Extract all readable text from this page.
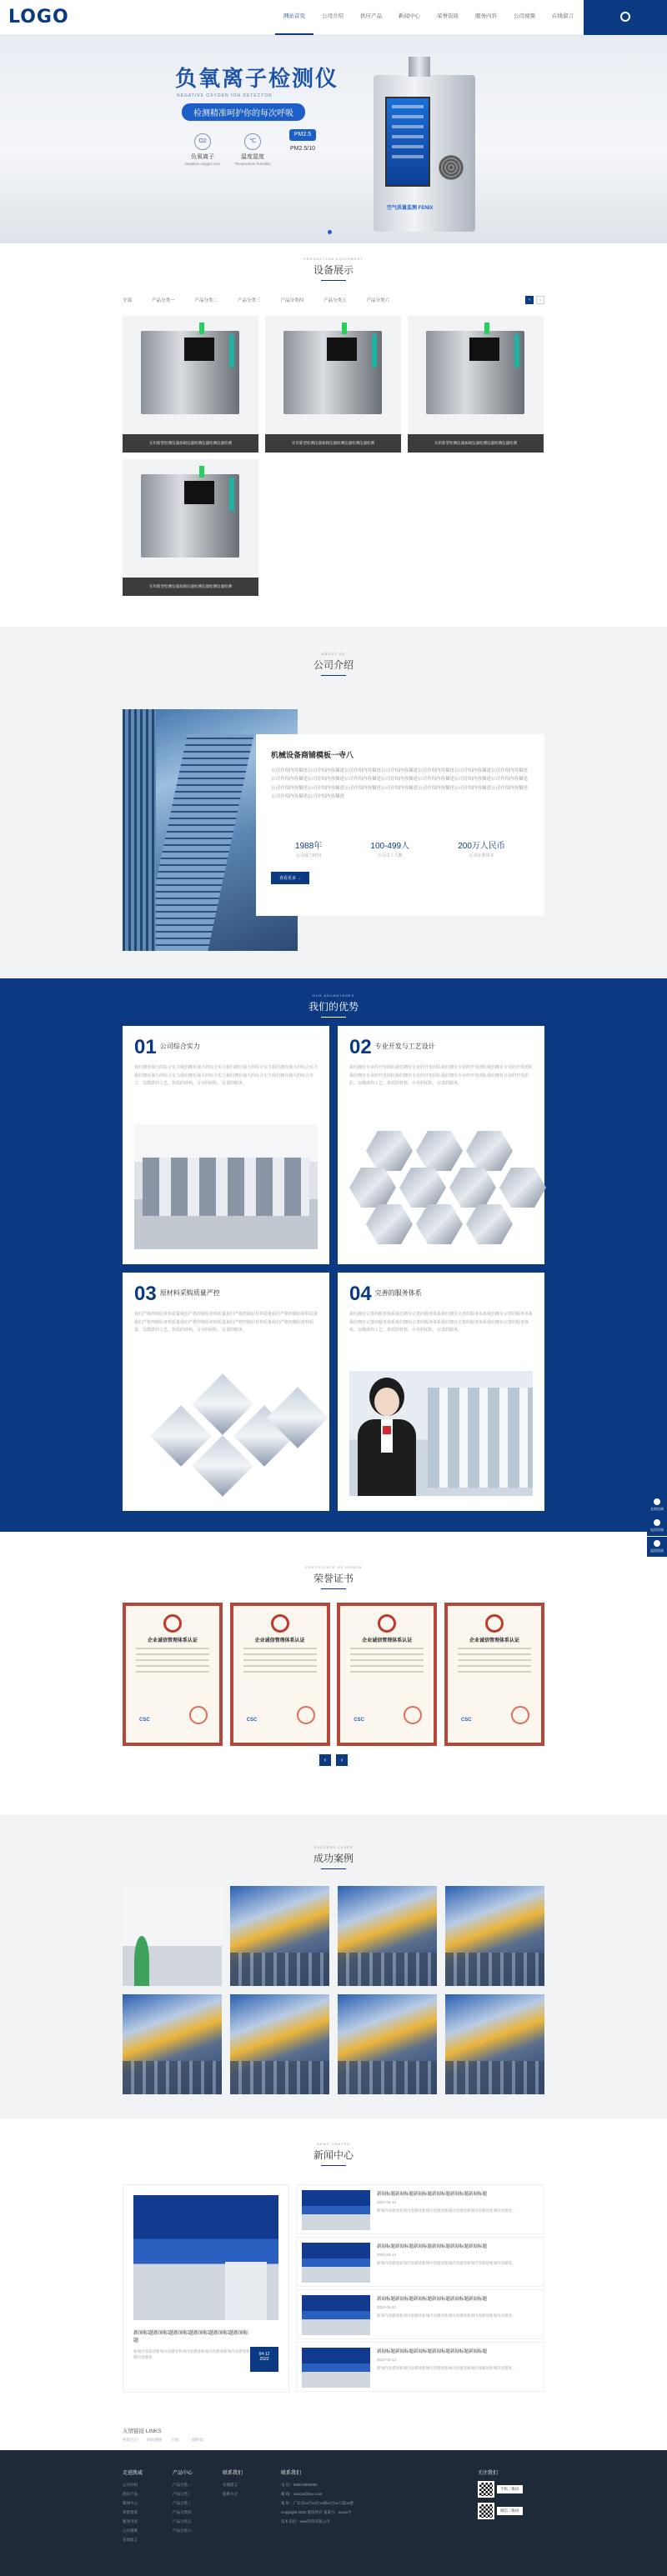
LOGO	网站首页	公司介绍	供应产品	新闻中心	荣誉资质	服务内容	公司视频	在线留言
负氧离子检测仪
NEGATIVE OXYGEN ION DETECTOR
检测精准呵护你的每次呼吸
O2
负氧离子
Negative oxygen ions
℃
温度湿度
Temperature humidity
PM2.5
PM2.5/10
空气质量监测 FENIX
PRODUCTION EQUIPMENT
设备展示
全部	产品分类一	产品分类二	产品分类三	产品分类四	产品分类五	产品分类六	‹	›
实用新型检测仪器加载仪器检测仪器检测仪器检测	实用新型检测仪器加载仪器检测仪器检测仪器检测	实用新型检测仪器加载仪器检测仪器检测仪器检测
实用新型检测仪器加载仪器检测仪器检测仪器检测
ABOUT US
公司介绍
机械设备商铺模板一寺八

公司介绍内容描述公司介绍内容描述公司介绍内容描述公司介绍内容描述公司介绍内容描述公司介绍内容描述公司介绍内容描述公司介绍内容描述公司介绍内容描述公司介绍内容描述公司介绍内容描述公司介绍内容描述公司介绍内容描述公司介绍内容描述公司介绍内容描述公司介绍内容描述公司介绍内容描述公司介绍内容描述公司介绍内容描述公司介绍内容描述公司介绍内容描述公司介绍内容描述公司介绍内容描述

1988年
公司成立时间
100-499人
公司员工人数
200万人民币
公司注册资本
查看更多 →
OUR ADVANTAGES
我们的优势
01 公司综合实力
我们拥有强大的综合实力我们拥有强大的综合实力我们拥有强大的综合实力我们拥有强大的综合实力我们拥有强大的综合实力我们拥有强大的综合实力我们拥有强大的综合实力我们拥有强大的综合实力，以精湛的工艺，优质的材料，专业的团队，完善的服务。
02 专业开发与工艺设计
我们拥有专业的开发团队我们拥有专业的开发团队我们拥有专业的开发团队我们拥有专业的开发团队我们拥有专业的开发团队我们拥有专业的开发团队我们拥有专业的开发团队我们拥有专业的开发团队，以精湛的工艺，优质的材料，专业的团队，完善的服务。
03 原材料采购质量严控
我们严格控制原材料质量我们严格控制原材料质量我们严格控制原材料质量我们严格控制原材料质量我们严格控制原材料质量我们严格控制原材料质量我们严格控制原材料质量我们严格控制原材料质量，以精湛的工艺，优质的材料，专业的团队，完善的服务。
04 完善的服务体系
我们拥有完善的服务体系我们拥有完善的服务体系我们拥有完善的服务体系我们拥有完善的服务体系我们拥有完善的服务体系我们拥有完善的服务体系我们拥有完善的服务体系我们拥有完善的服务体系，以精湛的工艺，优质的材料，专业的团队，完善的服务。
CERTIFICATE OF HONOR
荣誉证书
企业诚信管理体系认证
CSC
企业诚信管理体系认证
CSC
企业诚信管理体系认证
CSC
企业诚信管理体系认证
CSC
‹ ›
SUCCESS CASES
成功案例
NEWS CENTER
新闻中心
新闻标题新闻标题新闻标题新闻标题新闻标题新闻标题
新闻内容描述新闻内容描述新闻内容描述新闻内容描述新闻内容描述新闻内容描述
04-12
2022
新闻标题新闻标题新闻标题新闻标题新闻标题新闻标题
2022-04-12
新闻内容描述新闻内容描述新闻内容描述新闻内容描述新闻内容描述新闻内容描述...
新闻标题新闻标题新闻标题新闻标题新闻标题新闻标题
2022-04-12
新闻内容描述新闻内容描述新闻内容描述新闻内容描述新闻内容描述新闻内容描述...
新闻标题新闻标题新闻标题新闻标题新闻标题新闻标题
2022-04-12
新闻内容描述新闻内容描述新闻内容描述新闻内容描述新闻内容描述新闻内容描述...
新闻标题新闻标题新闻标题新闻标题新闻标题新闻标题
2022-04-12
新闻内容描述新闻内容描述新闻内容描述新闻内容描述新闻内容描述新闻内容描述...
友情链接 LINKS
阿里巴巴	网站链接	百度	三鼎科技
走进凯威

公司介绍

供应产品

新闻中心

荣誉资质

服务内容

公司视频

在线留言

产品中心

产品分类一

产品分类二

产品分类三

产品分类四

产品分类五

产品分类六

联系我们

在线留言

联系方式

联系我们

电 话：0000-0000000

邮 箱：xxxxxx@xxx.com

地 址：广东省xx市xx区xx路xx号xx大厦xx楼

Copyright 2022 版权所有 备案号：xxxxx号

技术支持：xxxx科技有限公司

关注我们
手机二维码
微信二维码
在线咨询
电话咨询
返回顶部
